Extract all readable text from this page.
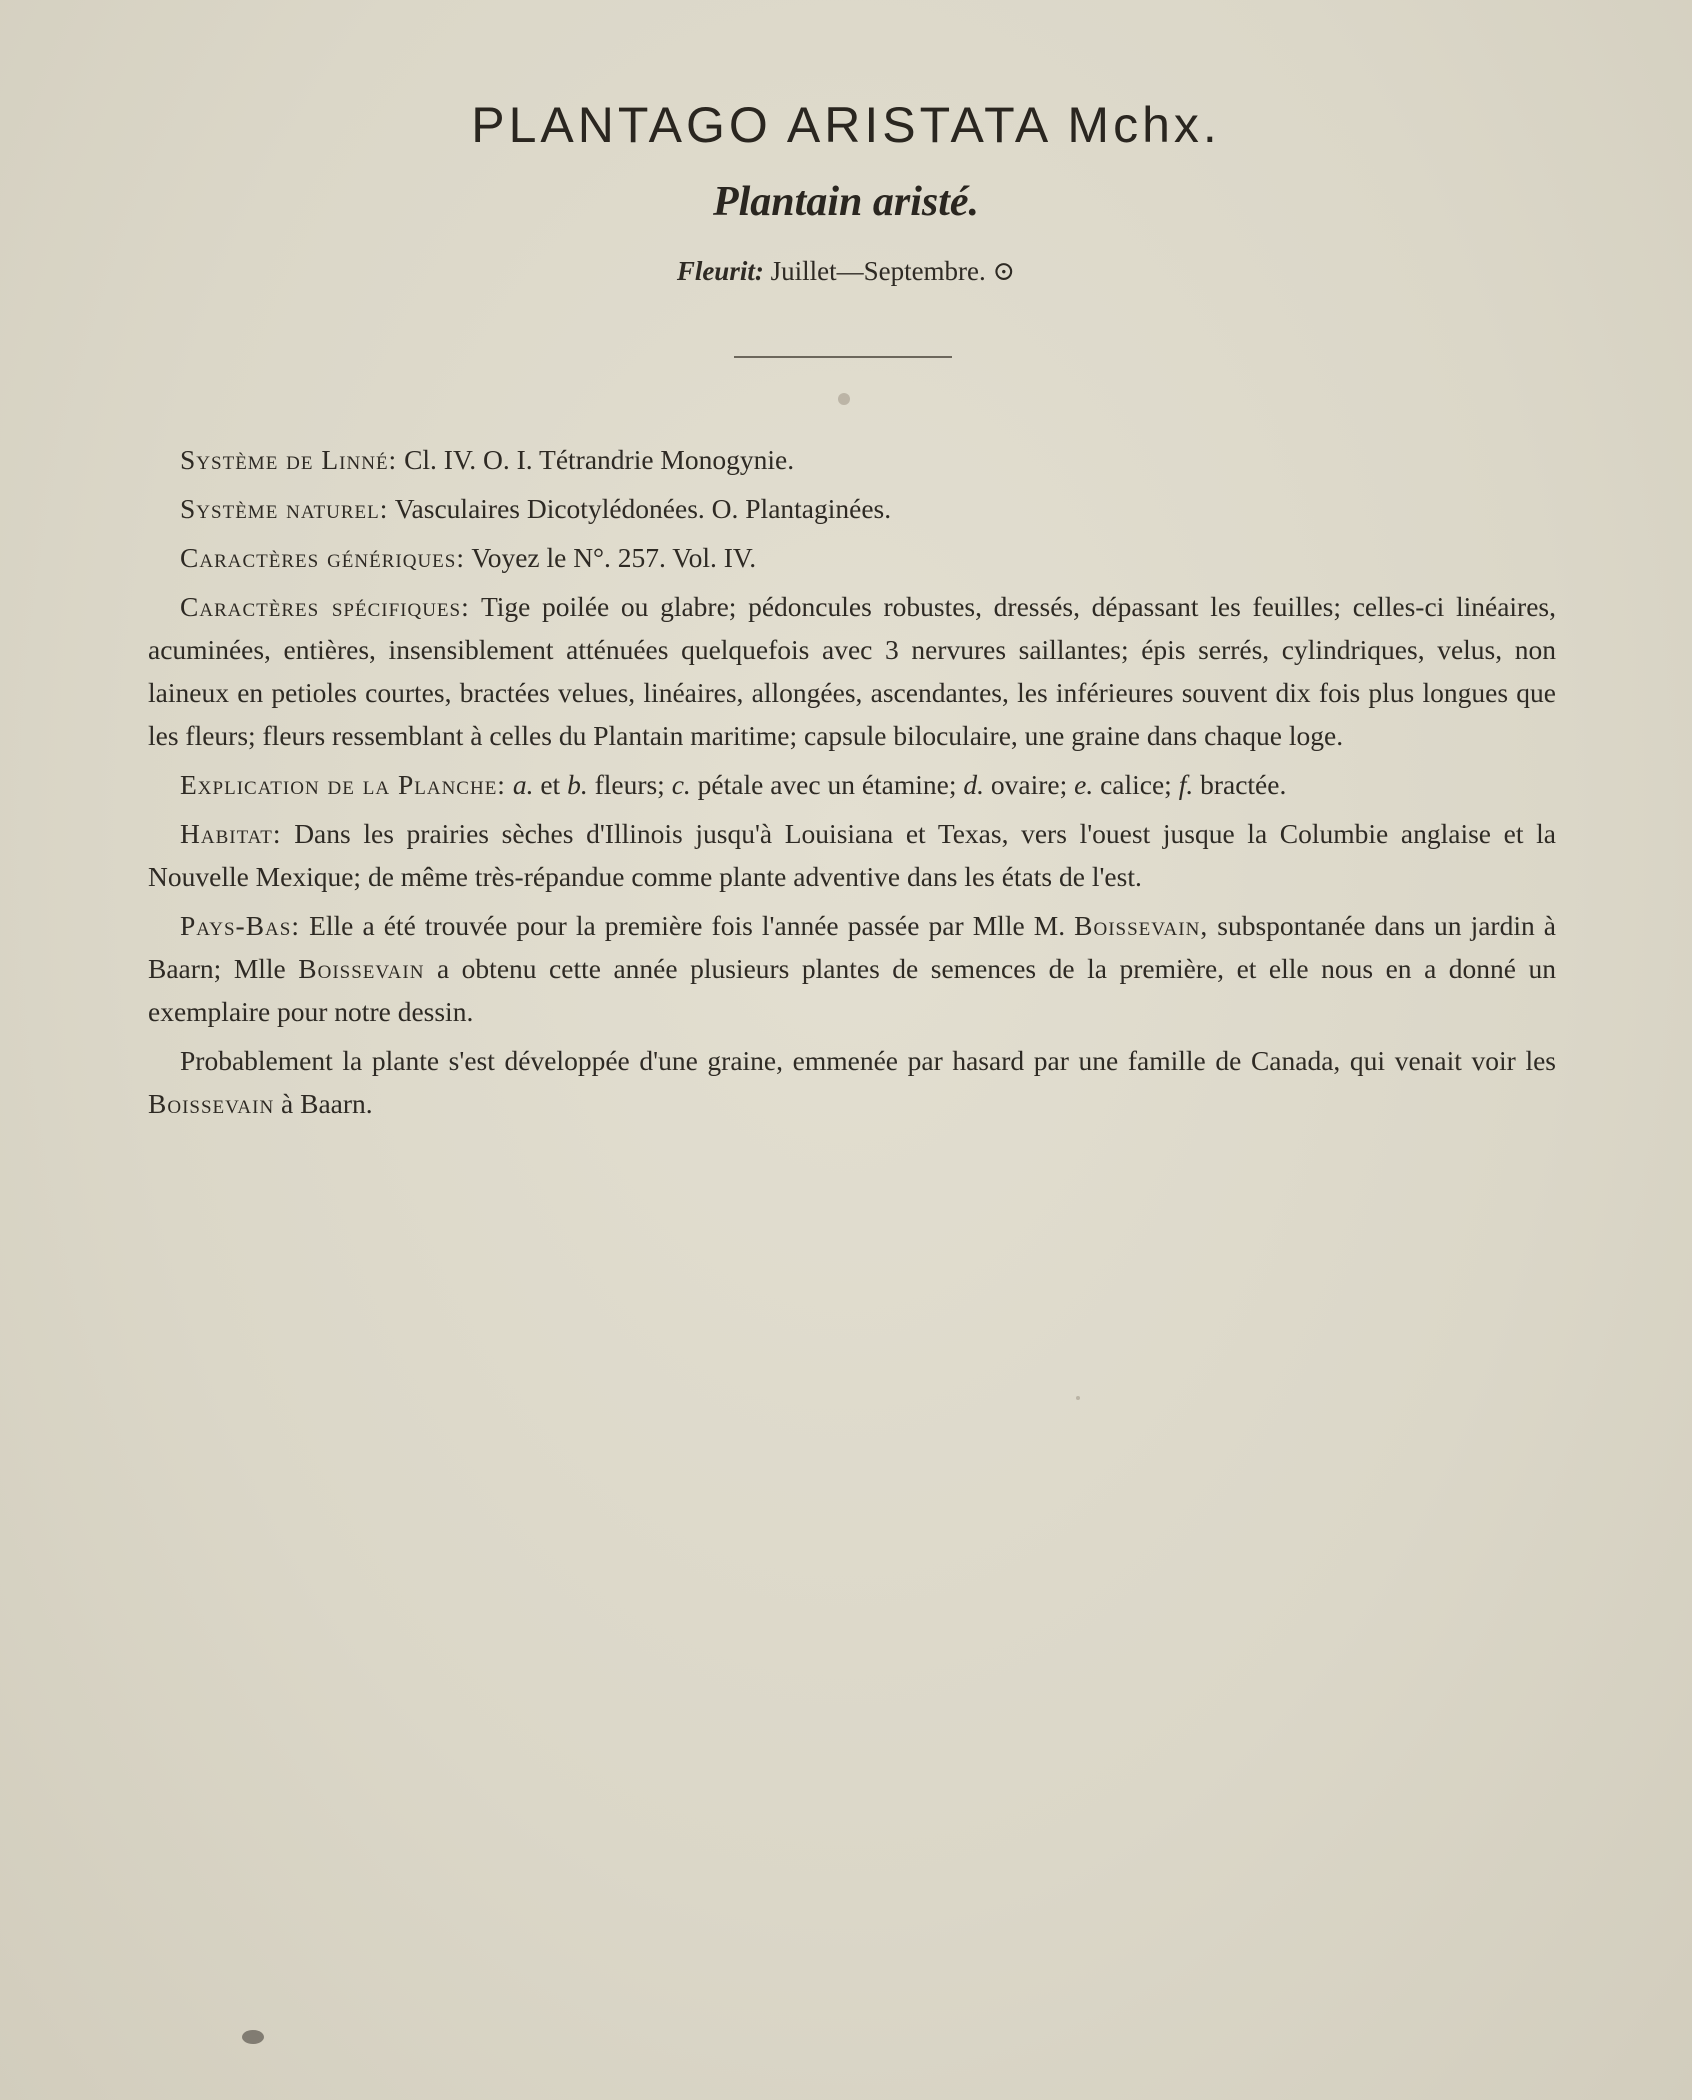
PLANTAGO ARISTATA Mchx.
Plantain aristé.
Fleurit: Juillet—Septembre. ⊙

Système de Linné: Cl. IV. O. I. Tétrandrie Monogynie.

Système naturel: Vasculaires Dicotylédonées. O. Plantaginées.

Caractères génériques: Voyez le N°. 257. Vol. IV.

Caractères spécifiques: Tige poilée ou glabre; pédoncules robustes, dressés, dépassant les feuilles; celles-ci linéaires, acuminées, entières, insensiblement atténuées quelquefois avec 3 nervures saillantes; épis serrés, cylindriques, velus, non laineux en petioles courtes, bractées velues, linéaires, allongées, ascendantes, les inférieures souvent dix fois plus longues que les fleurs; fleurs ressemblant à celles du Plantain maritime; capsule biloculaire, une graine dans chaque loge.

Explication de la Planche: a. et b. fleurs; c. pétale avec un étamine; d. ovaire; e. calice; f. bractée.

Habitat: Dans les prairies sèches d'Illinois jusqu'à Louisiana et Texas, vers l'ouest jusque la Columbie anglaise et la Nouvelle Mexique; de même très-répandue comme plante adventive dans les états de l'est.

Pays-Bas: Elle a été trouvée pour la première fois l'année passée par Mlle M. Boissevain, subspontanée dans un jardin à Baarn; Mlle Boissevain a obtenu cette année plusieurs plantes de semences de la première, et elle nous en a donné un exemplaire pour notre dessin.

Probablement la plante s'est développée d'une graine, emmenée par hasard par une famille de Canada, qui venait voir les Boissevain à Baarn.
